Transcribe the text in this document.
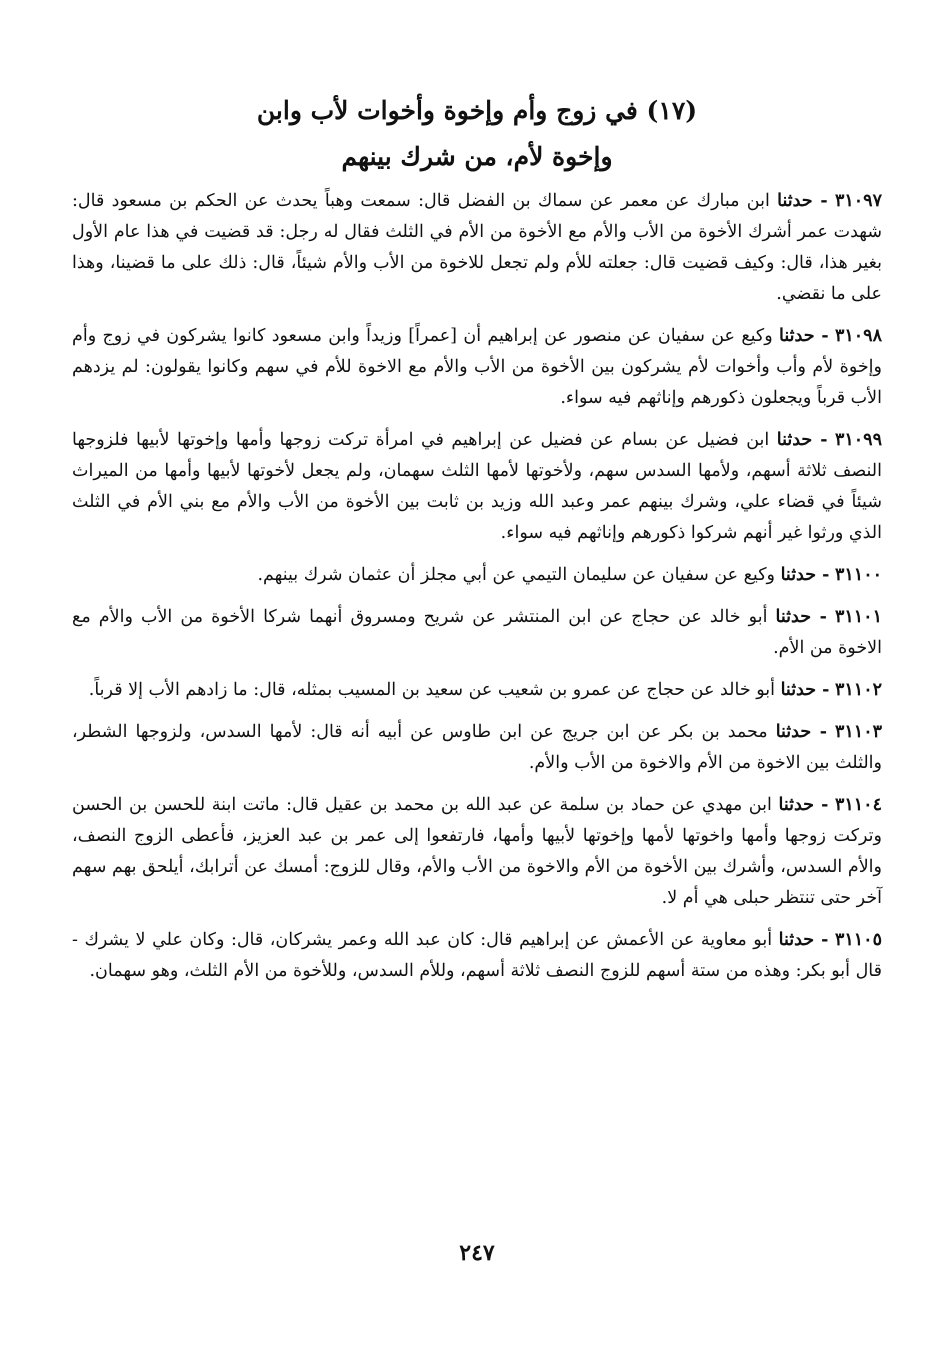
(١٧) في زوج وأم وإخوة وأخوات لأب وابن
وإخوة لأم، من شرك بينهم

٣١٠٩٧ - حدثنا ابن مبارك عن معمر عن سماك بن الفضل قال: سمعت وهباً يحدث عن الحكم بن مسعود قال: شهدت عمر أشرك الأخوة من الأب والأم مع الأخوة من الأم في الثلث فقال له رجل: قد قضيت في هذا عام الأول بغير هذا، قال: وكيف قضيت قال: جعلته للأم ولم تجعل للاخوة من الأب والأم شيئاً، قال: ذلك على ما قضينا، وهذا على ما نقضي.

٣١٠٩٨ - حدثنا وكيع عن سفيان عن منصور عن إبراهيم أن [عمراً] وزيداً وابن مسعود كانوا يشركون في زوج وأم وإخوة لأم وأب وأخوات لأم يشركون بين الأخوة من الأب والأم مع الاخوة للأم في سهم وكانوا يقولون: لم يزدهم الأب قرباً ويجعلون ذكورهم وإناثهم فيه سواء.

٣١٠٩٩ - حدثنا ابن فضيل عن بسام عن فضيل عن إبراهيم في امرأة تركت زوجها وأمها وإخوتها لأبيها فلزوجها النصف ثلاثة أسهم، ولأمها السدس سهم، ولأخوتها لأمها الثلث سهمان، ولم يجعل لأخوتها لأبيها وأمها من الميراث شيئاً في قضاء علي، وشرك بينهم عمر وعبد الله وزيد بن ثابت بين الأخوة من الأب والأم مع بني الأم في الثلث الذي ورثوا غير أنهم شركوا ذكورهم وإناثهم فيه سواء.

٣١١٠٠ - حدثنا وكيع عن سفيان عن سليمان التيمي عن أبي مجلز أن عثمان شرك بينهم.

٣١١٠١ - حدثنا أبو خالد عن حجاج عن ابن المنتشر عن شريح ومسروق أنهما شركا الأخوة من الأب والأم مع الاخوة من الأم.

٣١١٠٢ - حدثنا أبو خالد عن حجاج عن عمرو بن شعيب عن سعيد بن المسيب بمثله، قال: ما زادهم الأب إلا قرباً.

٣١١٠٣ - حدثنا محمد بن بكر عن ابن جريج عن ابن طاوس عن أبيه أنه قال: لأمها السدس، ولزوجها الشطر، والثلث بين الاخوة من الأم والاخوة من الأب والأم.

٣١١٠٤ - حدثنا ابن مهدي عن حماد بن سلمة عن عبد الله بن محمد بن عقيل قال: ماتت ابنة للحسن بن الحسن وتركت زوجها وأمها واخوتها لأمها وإخوتها لأبيها وأمها، فارتفعوا إلى عمر بن عبد العزيز، فأعطى الزوج النصف، والأم السدس، وأشرك بين الأخوة من الأم والاخوة من الأب والأم، وقال للزوج: أمسك عن أترابك، أيلحق بهم سهم آخر حتى تنتظر حبلى هي أم لا.

٣١١٠٥ - حدثنا أبو معاوية عن الأعمش عن إبراهيم قال: كان عبد الله وعمر يشركان، قال: وكان علي لا يشرك - قال أبو بكر: وهذه من ستة أسهم للزوج النصف ثلاثة أسهم، وللأم السدس، وللأخوة من الأم الثلث، وهو سهمان.

٢٤٧
